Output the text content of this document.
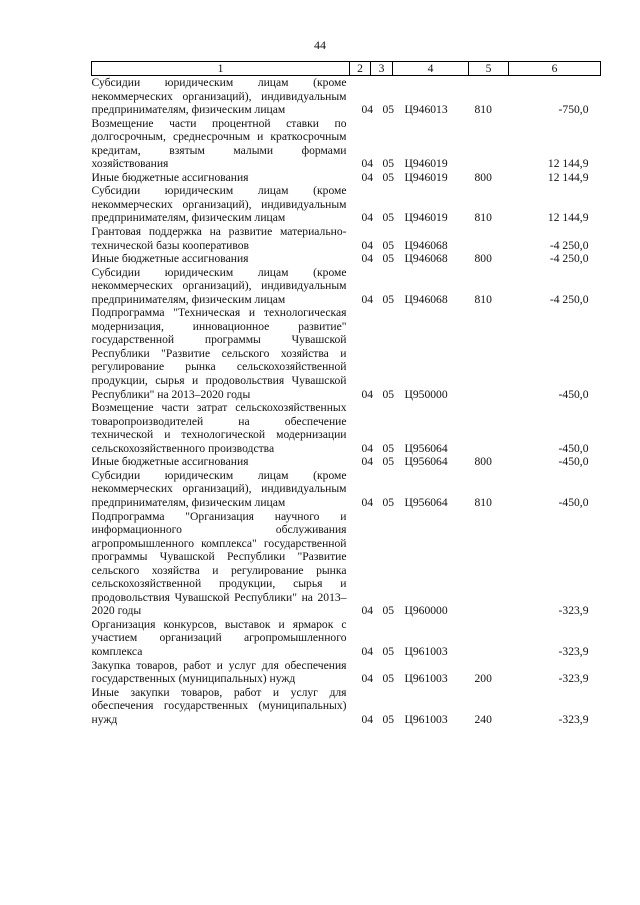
44
1	2	3	4	5	6
Субсидии юридическим лицам (кроме некоммерческих организаций), индивидуальным предпринимателям, физическим лицам	04	05	Ц946013	810	-750,0
Возмещение части процентной ставки по долгосрочным, среднесрочным и краткосрочным кредитам, взятым малыми формами хозяйствования	04	05	Ц946019		12 144,9
Иные бюджетные ассигнования	04	05	Ц946019	800	12 144,9
Субсидии юридическим лицам (кроме некоммерческих организаций), индивидуальным предпринимателям, физическим лицам	04	05	Ц946019	810	12 144,9
Грантовая поддержка на развитие материально-технической базы кооперативов	04	05	Ц946068		-4 250,0
Иные бюджетные ассигнования	04	05	Ц946068	800	-4 250,0
Субсидии юридическим лицам (кроме некоммерческих организаций), индивидуальным предпринимателям, физическим лицам	04	05	Ц946068	810	-4 250,0
Подпрограмма "Техническая и технологическая модернизация, инновационное развитие" государственной программы Чувашской Республики "Развитие сельского хозяйства и регулирование рынка сельскохозяйственной продукции, сырья и продовольствия Чувашской Республики" на 2013–2020 годы	04	05	Ц950000		-450,0
Возмещение части затрат сельскохозяйственных товаропроизводителей на обеспечение технической и технологической модернизации сельскохозяйственного производства	04	05	Ц956064		-450,0
Иные бюджетные ассигнования	04	05	Ц956064	800	-450,0
Субсидии юридическим лицам (кроме некоммерческих организаций), индивидуальным предпринимателям, физическим лицам	04	05	Ц956064	810	-450,0
Подпрограмма "Организация научного и информационного обслуживания агропромышленного комплекса" государственной программы Чувашской Республики "Развитие сельского хозяйства и регулирование рынка сельскохозяйственной продукции, сырья и продовольствия Чувашской Республики" на 2013–2020 годы	04	05	Ц960000		-323,9
Организация конкурсов, выставок и ярмарок с участием организаций агропромышленного комплекса	04	05	Ц961003		-323,9
Закупка товаров, работ и услуг для обеспечения государственных (муниципальных) нужд	04	05	Ц961003	200	-323,9
Иные закупки товаров, работ и услуг для обеспечения государственных (муниципальных) нужд	04	05	Ц961003	240	-323,9
